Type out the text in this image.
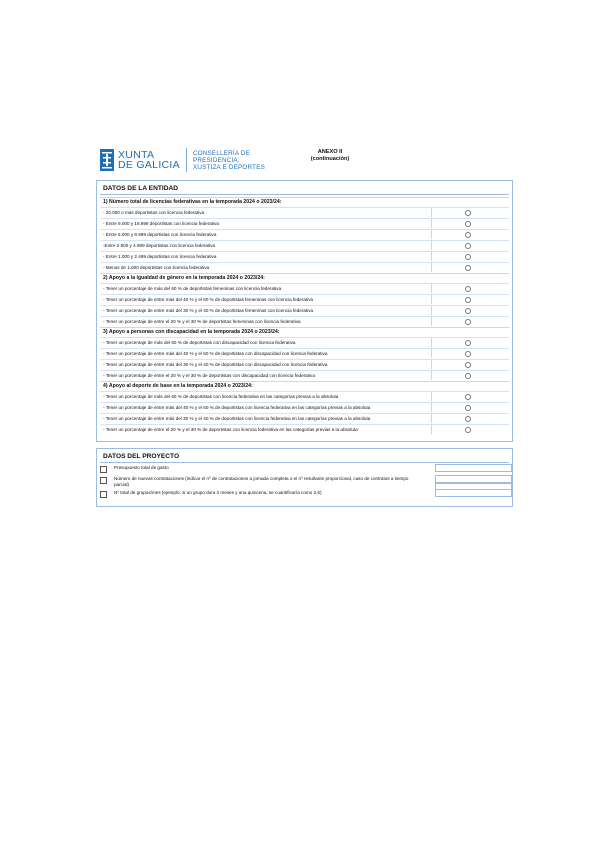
XUNTA
DE GALICIA
CONSELLERÍA DE
PRESIDENCIA,
XUSTIZA E DEPORTES
ANEXO II
(continuación)
DATOS DE LA ENTIDAD
1) Número total de licencias federativas en la temporada 2024 o 2023/24:
- 20.000 o más deportistas con licencia federativa
- Entre 9.000 y 19.999 deportistas con licencia federativa
- Entre 5.000 y 8.999 deportistas con licencia federativa
-Entre 2.500 y 4.999 deportistas con licencia federativa
- Entre 1.000 y 2.499 deportistas con licencia federativa
- Menos de 1.000 deportistas con licencia federativa
2) Apoyo a la igualdad de género en la temporada 2024 o 2023/24:
- Tener un porcentaje de más del 60 % de deportistas femeninas con licencia federativa
- Tener un porcentaje de entre más del 40 % y el 60 % de deportistas femeninas con licencia federativa
- Tener un porcentaje de entre más del 30 % y el 40 % de deportistas femeninas con licencia federativa
- Tener un porcentaje de entre el 20 % y el 30 % de deportistas femeninas con licencia federativa
3) Apoyo a personas con discapacidad en la temporada 2024 o 2023/24:
- Tener un porcentaje de más del 60 % de deportistas con discapacidad con licencia federativa
- Tener un porcentaje de entre más del 40 % y el 60 % de deportistas con discapacidad con licencia federativa
- Tener un porcentaje de entre más del 30 % y el 40 % de deportistas con discapacidad con licencia federativa
- Tener un porcentaje de entre el 20 % y el 30 % de deportistas con discapacidad con licencia federativa
4) Apoyo al deporte de base en la temporada 2024 o 2023/24:
- Tener un porcentaje de más del 60 % de deportistas con licencia federativa en las categorías previas a la absoluta
- Tener un porcentaje de entre más del 40 % y el 60 % de deportistas con licencia federativa en las categorías previas a la absoluta
- Tener un porcentaje de entre más del 30 % y el 40 % de deportistas con licencia federativa en las categorías previas a la absoluta
- Tener un porcentaje de entre el 20 % y el 30 % de deportistas con licencia federativa en las categorías previas a la absoluta
DATOS DEL PROYECTO
Presupuesto total de gasto
Número de nuevas contrataciones (indicar el nº de contrataciones a jornada completa o el nº resultante proporcional, caso de contratos a tiempo parcial)
Nº total de grupos/mes (ejemplo: si un grupo dura 2 meses y una quincena, se cuantificaría como 2,5)
